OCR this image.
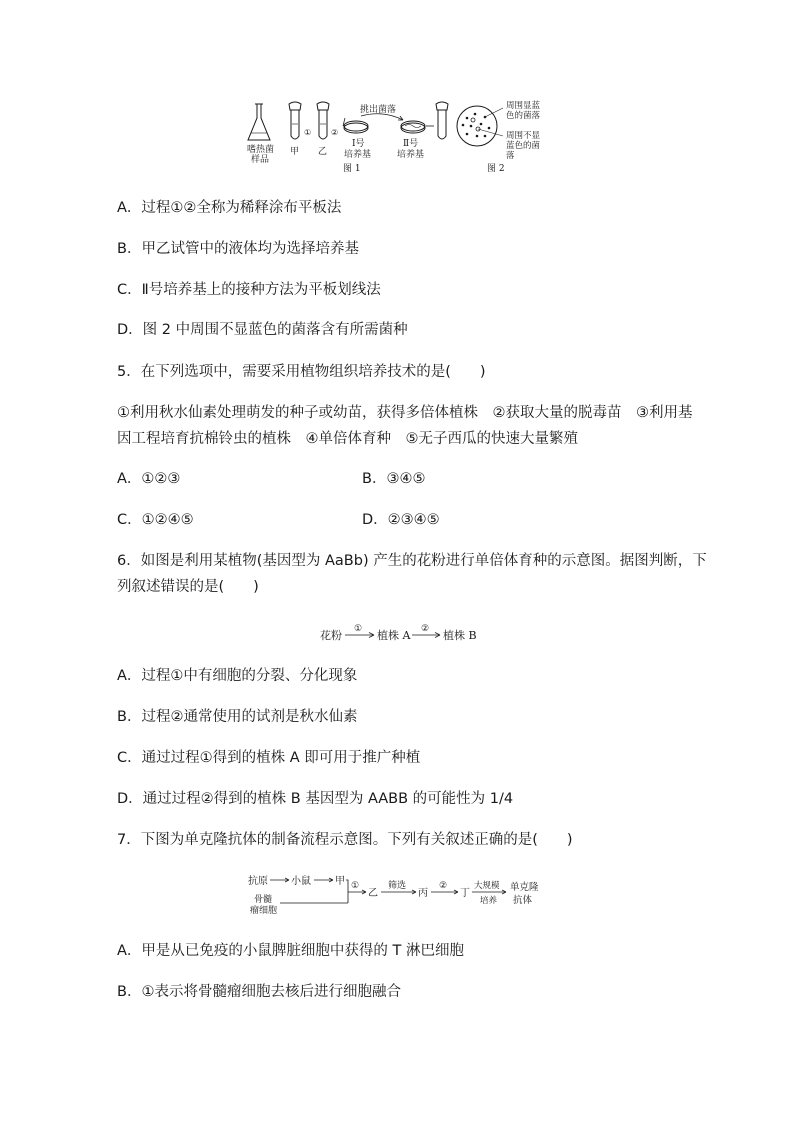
嗜热菌
样品
甲
①
乙
②
Ⅰ号
培养基
挑出菌落
Ⅱ号
培养基
图 1
周围显蓝
色的菌落
周围不显
蓝色的菌
落
图 2
A．过程①②全称为稀释涂布平板法
B．甲乙试管中的液体均为选择培养基
C．Ⅱ号培养基上的接种方法为平板划线法
D．图 2 中周围不显蓝色的菌落含有所需菌种
5．在下列选项中，需要采用植物组织培养技术的是(　　)
①利用秋水仙素处理萌发的种子或幼苗，获得多倍体植株　②获取大量的脱毒苗　③利用基
因工程培育抗棉铃虫的植株　④单倍体育种　⑤无子西瓜的快速大量繁殖
A．①②③	B．③④⑤
C．①②④⑤	D．②③④⑤
6．如图是利用某植物(基因型为 AaBb) 产生的花粉进行单倍体育种的示意图。据图判断，下
列叙述错误的是(　　)
花粉 ① 植株 A ② 植株 B
A．过程①中有细胞的分裂、分化现象
B．过程②通常使用的试剂是秋水仙素
C．通过过程①得到的植株 A 即可用于推广种植
D．通过过程②得到的植株 B 基因型为 AABB 的可能性为 1/4
7．下图为单克隆抗体的制备流程示意图。下列有关叙述正确的是(　　)
抗原 小鼠 甲
骨髓
瘤细胞
①
乙
筛选
丙
②
丁
大规模
培养
单克隆
抗体
A．甲是从已免疫的小鼠脾脏细胞中获得的 T 淋巴细胞
B．①表示将骨髓瘤细胞去核后进行细胞融合
